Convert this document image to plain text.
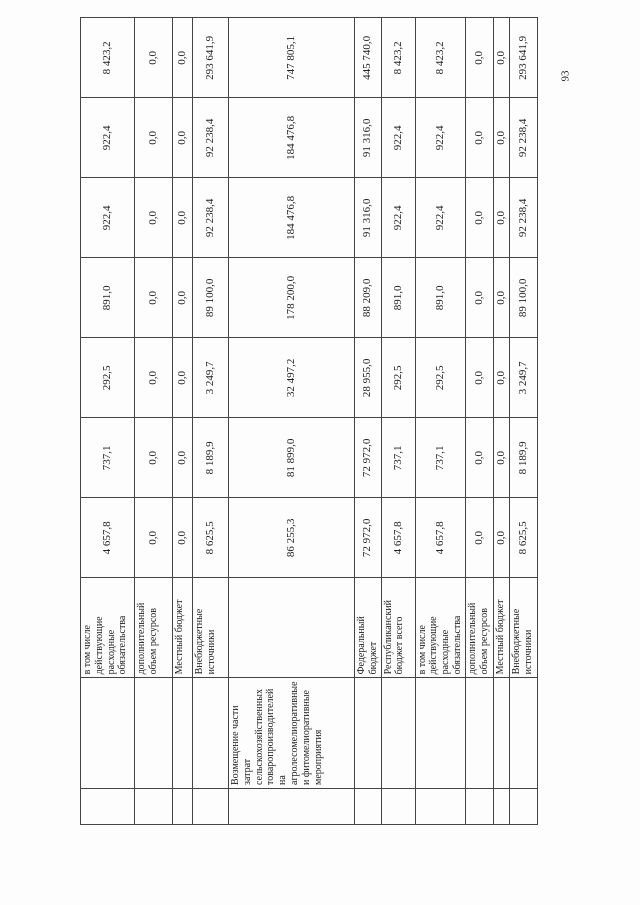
		в том числе действующие расходные обязательства	4 657,8	737,1	292,5	891,0	922,4	922,4	8 423,2
		дополнительный объем ресурсов	0,0	0,0	0,0	0,0	0,0	0,0	0,0
		Местный бюджет	0,0	0,0	0,0	0,0	0,0	0,0	0,0
		Внебюджетные источники	8 625,5	8 189,9	3 249,7	89 100,0	92 238,4	92 238,4	293 641,9
	Возмещение части затрат сельскохозяйственных товаропроизводителей на агролесомелиоративные и фитомелиоративные мероприятия		86 255,3	81 899,0	32 497,2	178 200,0	184 476,8	184 476,8	747 805,1
		Федеральный бюджет	72 972,0	72 972,0	28 955,0	88 209,0	91 316,0	91 316,0	445 740,0
		Республиканский бюджет всего	4 657,8	737,1	292,5	891,0	922,4	922,4	8 423,2
		в том числе действующие расходные обязательства	4 657,8	737,1	292,5	891,0	922,4	922,4	8 423,2
		дополнительный объем ресурсов	0,0	0,0	0,0	0,0	0,0	0,0	0,0
		Местный бюджет	0,0	0,0	0,0	0,0	0,0	0,0	0,0
		Внебюджетные источники	8 625,5	8 189,9	3 249,7	89 100,0	92 238,4	92 238,4	293 641,9	93
